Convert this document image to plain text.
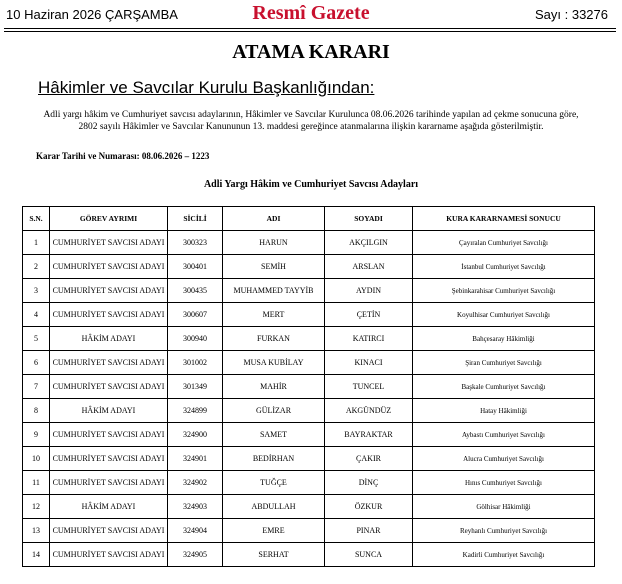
10 Haziran 2026 ÇARŞAMBA	Resmî Gazete	Sayı : 33276
ATAMA KARARI
Hâkimler ve Savcılar Kurulu Başkanlığından:
Adli yargı hâkim ve Cumhuriyet savcısı adaylarının, Hâkimler ve Savcılar Kurulunca 08.06.2026 tarihinde yapılan ad çekme sonucuna göre,
2802 sayılı Hâkimler ve Savcılar Kanununun 13. maddesi gereğince atanmalarına ilişkin kararname aşağıda gösterilmiştir.
Karar Tarihi ve Numarası: 08.06.2026 – 1223
Adli Yargı Hâkim ve Cumhuriyet Savcısı Adayları
S.N.	GÖREV AYRIMI	SİCİLİ	ADI	SOYADI	KURA KARARNAMESİ SONUCU
1	CUMHURİYET SAVCISI ADAYI	300323	HARUN	AKÇILGIN	Çayıralan Cumhuriyet Savcılığı
2	CUMHURİYET SAVCISI ADAYI	300401	SEMİH	ARSLAN	İstanbul Cumhuriyet Savcılığı
3	CUMHURİYET SAVCISI ADAYI	300435	MUHAMMED TAYYİB	AYDIN	Şebinkarahisar Cumhuriyet Savcılığı
4	CUMHURİYET SAVCISI ADAYI	300607	MERT	ÇETİN	Koyulhisar Cumhuriyet Savcılığı
5	HÂKİM ADAYI	300940	FURKAN	KATIRCI	Bahçesaray Hâkimliği
6	CUMHURİYET SAVCISI ADAYI	301002	MUSA KUBİLAY	KINACI	Şiran Cumhuriyet Savcılığı
7	CUMHURİYET SAVCISI ADAYI	301349	MAHİR	TUNCEL	Başkale Cumhuriyet Savcılığı
8	HÂKİM ADAYI	324899	GÜLİZAR	AKGÜNDÜZ	Hatay Hâkimliği
9	CUMHURİYET SAVCISI ADAYI	324900	SAMET	BAYRAKTAR	Aybastı Cumhuriyet Savcılığı
10	CUMHURİYET SAVCISI ADAYI	324901	BEDİRHAN	ÇAKIR	Alucra Cumhuriyet Savcılığı
11	CUMHURİYET SAVCISI ADAYI	324902	TUĞÇE	DİNÇ	Hınıs Cumhuriyet Savcılığı
12	HÂKİM ADAYI	324903	ABDULLAH	ÖZKUR	Gölhisar Hâkimliği
13	CUMHURİYET SAVCISI ADAYI	324904	EMRE	PINAR	Reyhanlı Cumhuriyet Savcılığı
14	CUMHURİYET SAVCISI ADAYI	324905	SERHAT	SUNCA	Kadirli Cumhuriyet Savcılığı
